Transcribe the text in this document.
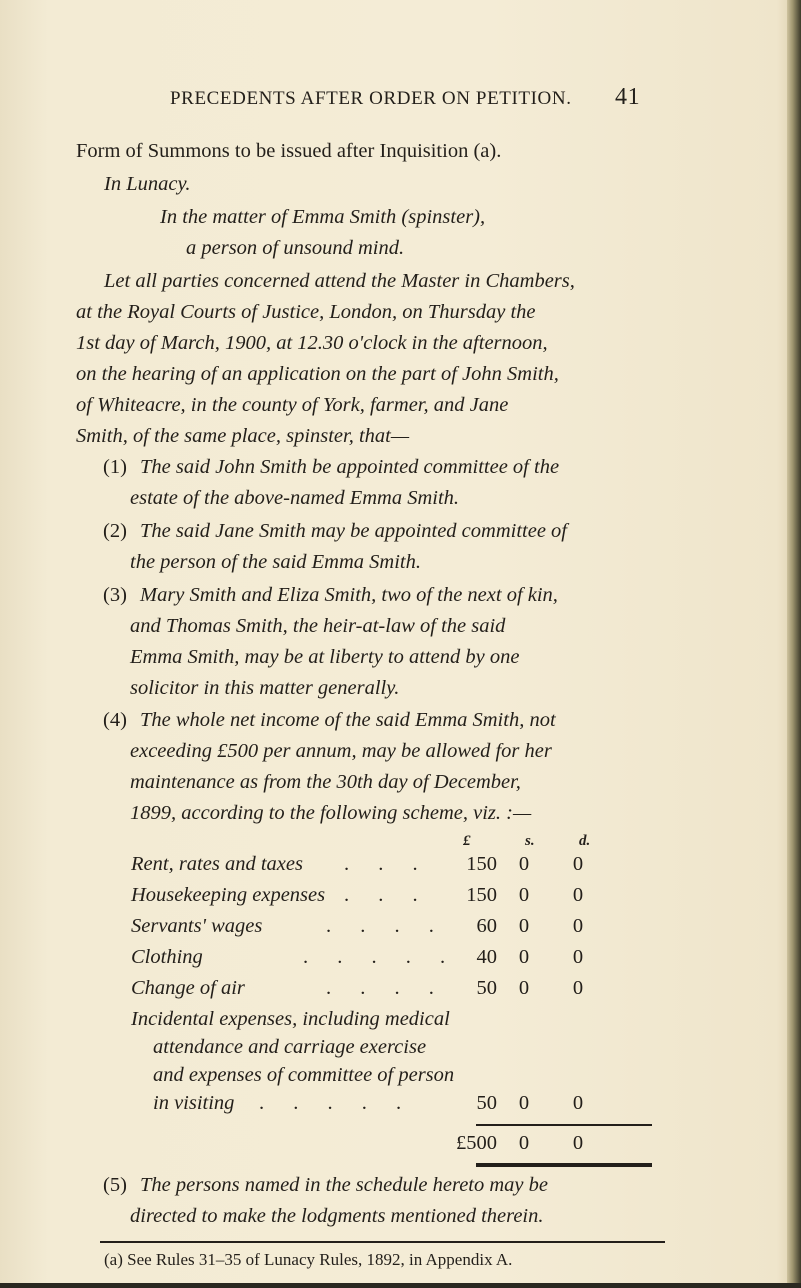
PRECEDENTS AFTER ORDER ON PETITION. 41
Form of Summons to be issued after Inquisition (a).
In Lunacy.
In the matter of Emma Smith (spinster),
a person of unsound mind.
Let all parties concerned attend the Master in Chambers,
at the Royal Courts of Justice, London, on Thursday the
1st day of March, 1900, at 12.30 o'clock in the afternoon,
on the hearing of an application on the part of John Smith,
of Whiteacre, in the county of York, farmer, and Jane
Smith, of the same place, spinster, that—
(1) The said John Smith be appointed committee of the
estate of the above-named Emma Smith.
(2) The said Jane Smith may be appointed committee of
the person of the said Emma Smith.
(3) Mary Smith and Eliza Smith, two of the next of kin,
and Thomas Smith, the heir-at-law of the said
Emma Smith, may be at liberty to attend by one
solicitor in this matter generally.
(4) The whole net income of the said Emma Smith, not
exceeding £500 per annum, may be allowed for her
maintenance as from the 30th day of December,
1899, according to the following scheme, viz. :—
£	s.	d.
Rent, rates and taxes . . . 150 0 0
Housekeeping expenses . . . 150 0 0
Servants' wages	. . . . 60 0 0
Clothing	. . . . . 40 0 0
Change of air	. . . . 50 0 0
Incidental expenses, including medical
attendance and carriage exercise
and expenses of committee of person
in visiting . . . . .	50 0 0
£500 0 0
(5) The persons named in the schedule hereto may be
directed to make the lodgments mentioned therein.
(a) See Rules 31–35 of Lunacy Rules, 1892, in Appendix A.
